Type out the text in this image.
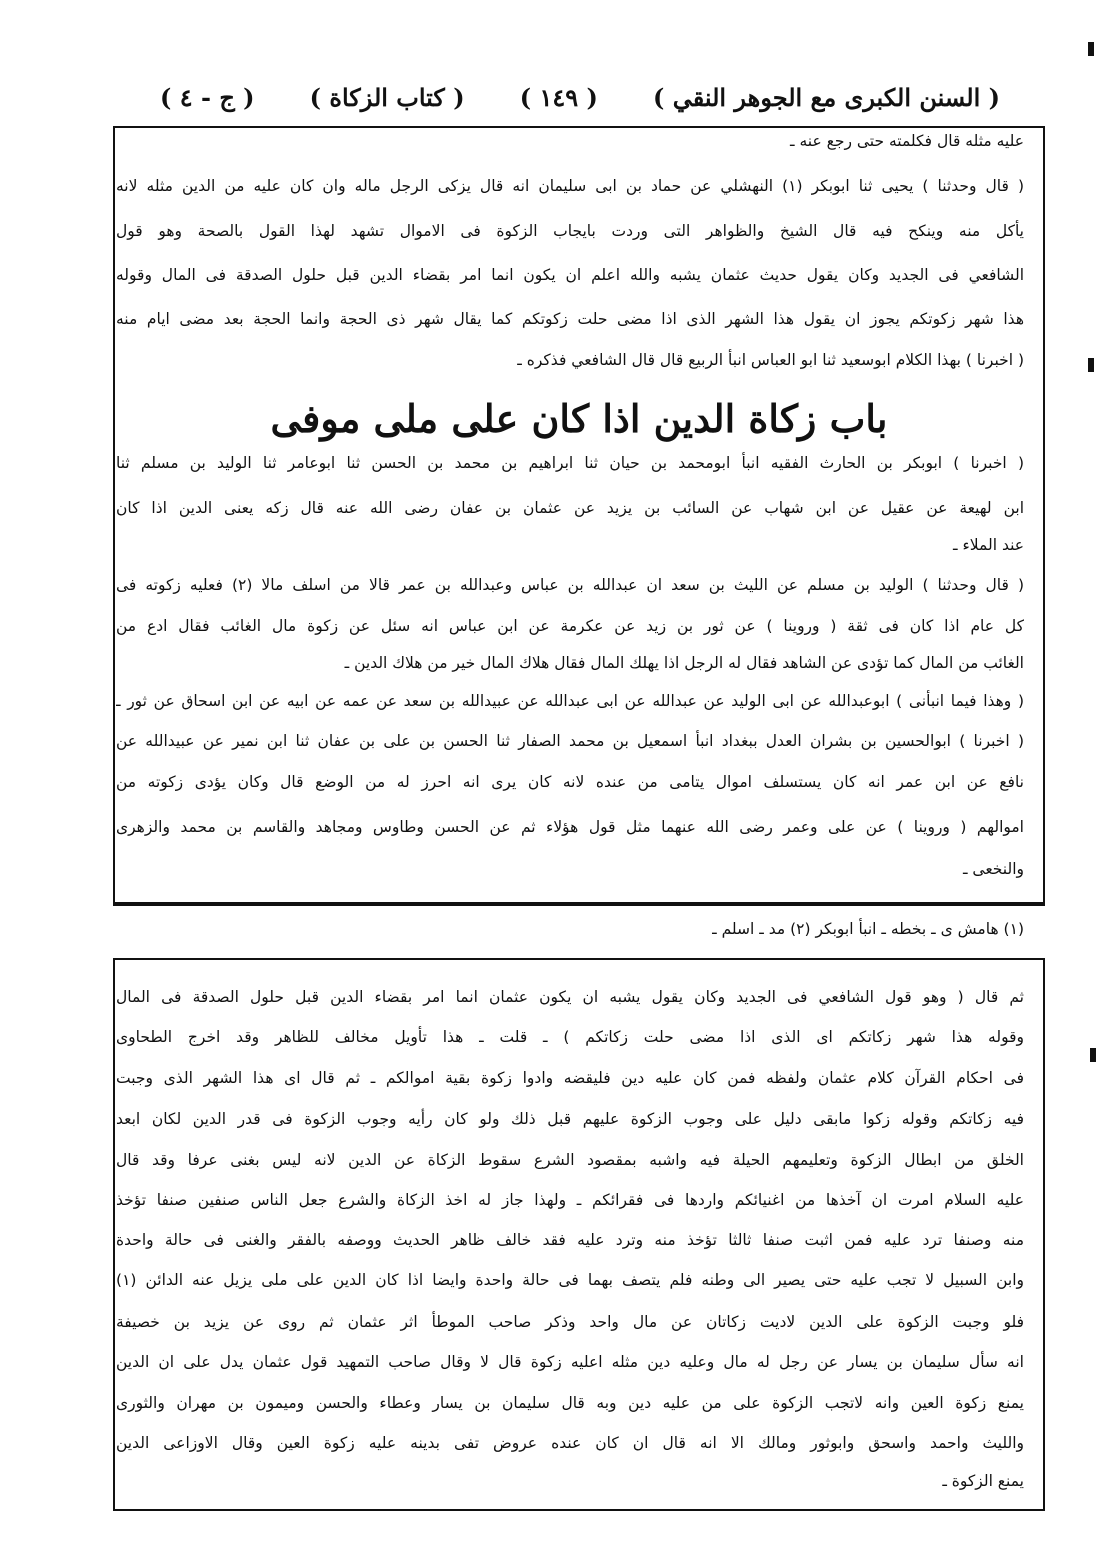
( السنن الكبرى مع الجوهر النقي )
( ١٤٩ )
( كتاب الزكاة )
( ج - ٤ )
عليه مثله قال فكلمته حتى رجع عنه ـ
( قال وحدثنا ) يحيى ثنا ابوبكر (١) النهشلي عن حماد بن ابى سليمان انه قال يزكى الرجل ماله وان كان عليه من الدين مثله لانه
يأكل منه وينكح فيه قال الشيخ والظواهر التى وردت بايجاب الزكوة فى الاموال تشهد لهذا القول بالصحة وهو قول
الشافعي فى الجديد وكان يقول حديث عثمان يشبه والله اعلم ان يكون انما امر بقضاء الدين قبل حلول الصدقة فى المال وقوله
هذا شهر زكوتكم يجوز ان يقول هذا الشهر الذى اذا مضى حلت زكوتكم كما يقال شهر ذى الحجة وانما الحجة بعد مضى ايام منه
( اخبرنا ) بهذا الكلام ابوسعيد ثنا ابو العباس انبأ الربيع قال قال الشافعي فذكره ـ
باب زكاة الدين اذا كان على ملى موفى
( اخبرنا ) ابوبكر بن الحارث الفقيه انبأ ابومحمد بن حيان ثنا ابراهيم بن محمد بن الحسن ثنا ابوعامر ثنا الوليد بن مسلم ثنا
ابن لهيعة عن عقيل عن ابن شهاب عن السائب بن يزيد عن عثمان بن عفان رضى الله عنه قال زكه يعنى الدين اذا كان
عند الملاء ـ
( قال وحدثنا ) الوليد بن مسلم عن الليث بن سعد ان عبدالله بن عباس وعبدالله بن عمر قالا من اسلف مالا (٢) فعليه زكوته فى
كل عام اذا كان فى ثقة ( وروينا ) عن ثور بن زيد عن عكرمة عن ابن عباس انه سئل عن زكوة مال الغائب فقال ادع من
الغائب من المال كما تؤدى عن الشاهد فقال له الرجل اذا يهلك المال فقال هلاك المال خير من هلاك الدين ـ
( وهذا فيما انبأنى ) ابوعبدالله عن ابى الوليد عن عبدالله عن ابى عبدالله عن عبيدالله بن سعد عن عمه عن ابيه عن ابن اسحاق عن ثور ـ
( اخبرنا ) ابوالحسين بن بشران العدل ببغداد انبأ اسمعيل بن محمد الصفار ثنا الحسن بن على بن عفان ثنا ابن نمير عن عبيدالله عن
نافع عن ابن عمر انه كان يستسلف اموال يتامى من عنده لانه كان يرى انه احرز له من الوضع قال وكان يؤدى زكوته من
اموالهم ( وروينا ) عن على وعمر رضى الله عنهما مثل قول هؤلاء ثم عن الحسن وطاوس ومجاهد والقاسم بن محمد والزهرى
والنخعى ـ
(١) هامش ى ـ بخطه ـ انبأ ابوبكر (٢) مد ـ اسلم ـ
ثم قال ( وهو قول الشافعي فى الجديد وكان يقول يشبه ان يكون عثمان انما امر بقضاء الدين قبل حلول الصدقة فى المال
وقوله هذا شهر زكاتكم اى الذى اذا مضى حلت زكاتكم ) ـ قلت ـ هذا تأويل مخالف للظاهر وقد اخرج الطحاوى
فى احكام القرآن كلام عثمان ولفظه فمن كان عليه دين فليقضه وادوا زكوة بقية اموالكم ـ ثم قال اى هذا الشهر الذى وجبت
فيه زكاتكم وقوله زكوا مابقى دليل على وجوب الزكوة عليهم قبل ذلك ولو كان رأيه وجوب الزكوة فى قدر الدين لكان ابعد
الخلق من ابطال الزكوة وتعليمهم الحيلة فيه واشبه بمقصود الشرع سقوط الزكاة عن الدين لانه ليس بغنى عرفا وقد قال
عليه السلام امرت ان آخذها من اغنيائكم واردها فى فقرائكم ـ ولهذا جاز له اخذ الزكاة والشرع جعل الناس صنفين صنفا تؤخذ
منه وصنفا ترد عليه فمن اثبت صنفا ثالثا تؤخذ منه وترد عليه فقد خالف ظاهر الحديث ووصفه بالفقر والغنى فى حالة واحدة
وابن السبيل لا تجب عليه حتى يصير الى وطنه فلم يتصف بهما فى حالة واحدة وايضا اذا كان الدين على ملى يزيل عنه الدائن (١)
فلو وجبت الزكوة على الدين لاديت زكاتان عن مال واحد وذكر صاحب الموطأ اثر عثمان ثم روى عن يزيد بن خصيفة
انه سأل سليمان بن يسار عن رجل له مال وعليه دين مثله اعليه زكوة قال لا وقال صاحب التمهيد قول عثمان يدل على ان الدين
يمنع زكوة العين وانه لاتجب الزكوة على من عليه دين وبه قال سليمان بن يسار وعطاء والحسن وميمون بن مهران والثورى
والليث واحمد واسحق وابوثور ومالك الا انه قال ان كان عنده عروض تفى بدينه عليه زكوة العين وقال الاوزاعى الدين
يمنع الزكوة ـ
